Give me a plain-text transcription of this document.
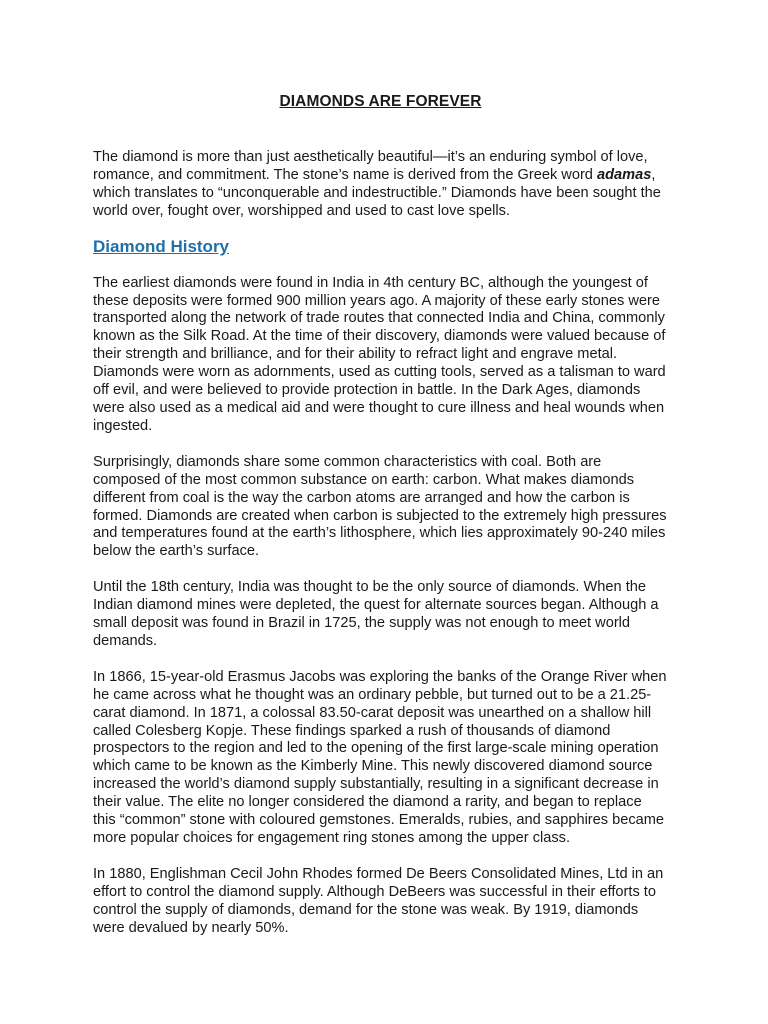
DIAMONDS ARE FOREVER

The diamond is more than just aesthetically beautiful—it’s an enduring symbol of love, romance, and commitment. The stone’s name is derived from the Greek word adamas, which translates to “unconquerable and indestructible.” Diamonds have been sought the world over, fought over, worshipped and used to cast love spells.

Diamond History

The earliest diamonds were found in India in 4th century BC, although the youngest of these deposits were formed 900 million years ago. A majority of these early stones were transported along the network of trade routes that connected India and China, commonly known as the Silk Road. At the time of their discovery, diamonds were valued because of their strength and brilliance, and for their ability to refract light and engrave metal. Diamonds were worn as adornments, used as cutting tools, served as a talisman to ward off evil, and were believed to provide protection in battle. In the Dark Ages, diamonds were also used as a medical aid and were thought to cure illness and heal wounds when ingested.

Surprisingly, diamonds share some common characteristics with coal. Both are composed of the most common substance on earth: carbon. What makes diamonds different from coal is the way the carbon atoms are arranged and how the carbon is formed. Diamonds are created when carbon is subjected to the extremely high pressures and temperatures found at the earth’s lithosphere, which lies approximately 90-240 miles below the earth’s surface.

Until the 18th century, India was thought to be the only source of diamonds. When the Indian diamond mines were depleted, the quest for alternate sources began. Although a small deposit was found in Brazil in 1725, the supply was not enough to meet world demands.

In 1866, 15-year-old Erasmus Jacobs was exploring the banks of the Orange River when he came across what he thought was an ordinary pebble, but turned out to be a 21.25-carat diamond. In 1871, a colossal 83.50-carat deposit was unearthed on a shallow hill called Colesberg Kopje. These findings sparked a rush of thousands of diamond prospectors to the region and led to the opening of the first large-scale mining operation which came to be known as the Kimberly Mine. This newly discovered diamond source increased the world’s diamond supply substantially, resulting in a significant decrease in their value. The elite no longer considered the diamond a rarity, and began to replace this “common” stone with coloured gemstones. Emeralds, rubies, and sapphires became more popular choices for engagement ring stones among the upper class.

In 1880, Englishman Cecil John Rhodes formed De Beers Consolidated Mines, Ltd in an effort to control the diamond supply. Although DeBeers was successful in their efforts to control the supply of diamonds, demand for the stone was weak. By 1919, diamonds were devalued by nearly 50%.
